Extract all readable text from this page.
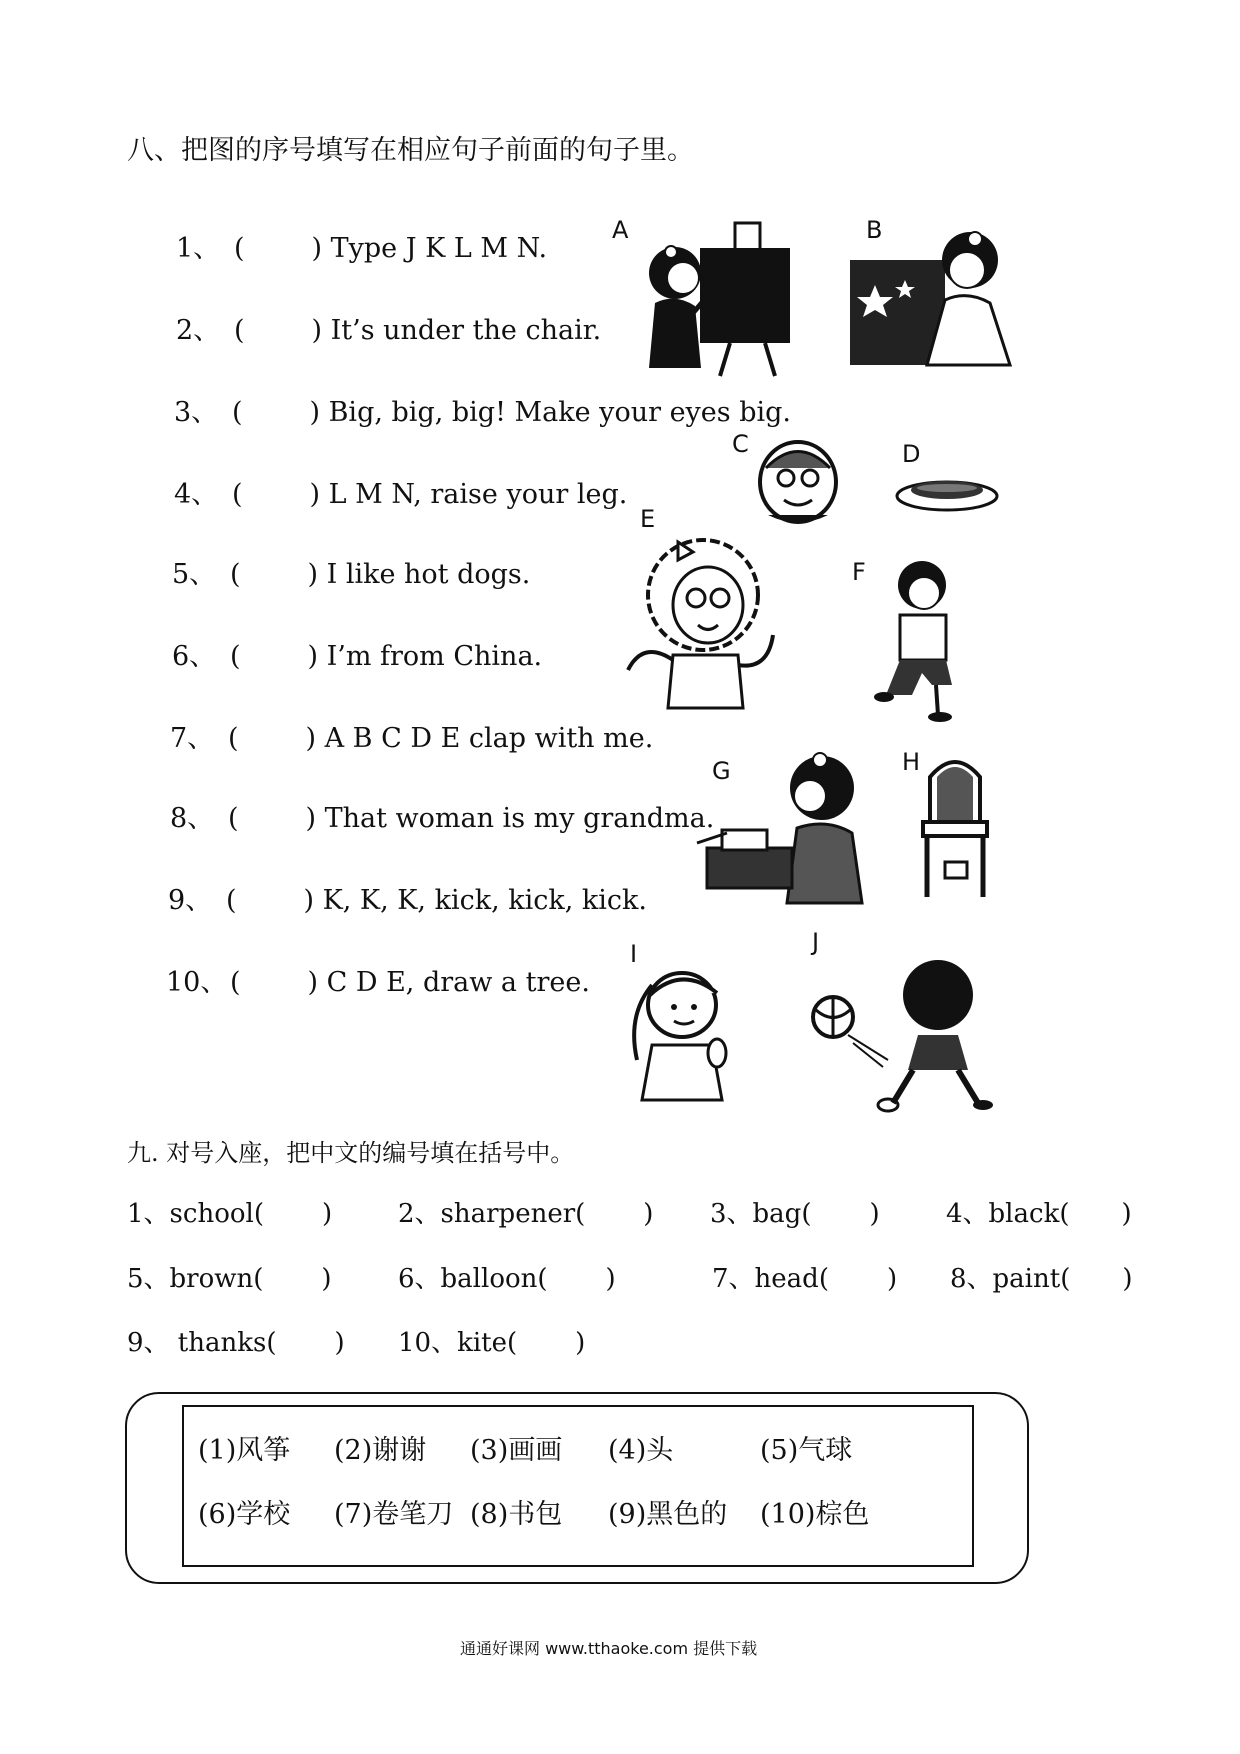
八、把图的序号填写在相应句子前面的句子里。
1、 ( ) Type J K L M N.
2、 ( ) It’s under the chair.
3、 ( ) Big, big, big! Make your eyes big.
4、 ( ) L M N, raise your leg.
5、 ( ) I like hot dogs.
6、 ( ) I’m from China.
7、 ( ) A B C D E clap with me.
8、 ( ) That woman is my grandma.
9、 ( ) K, K, K, kick, kick, kick.
10、( ) C D E, draw a tree.
A	B
C	D
E
F
G	H
I	J
九. 对号入座，把中文的编号填在括号中。
1、school( )	2、sharpener( ) 3、bag( )	4、black( )
5、brown( )	6、balloon( )	7、head( ) 8、paint( )
9、 thanks( ) 10、kite( )
(1)风筝 (2)谢谢 (3)画画 (4)头	(5)气球
(6)学校 (7)卷笔刀 (8)书包 (9)黑色的 (10)棕色
通通好课网 www.tthaoke.com 提供下载
